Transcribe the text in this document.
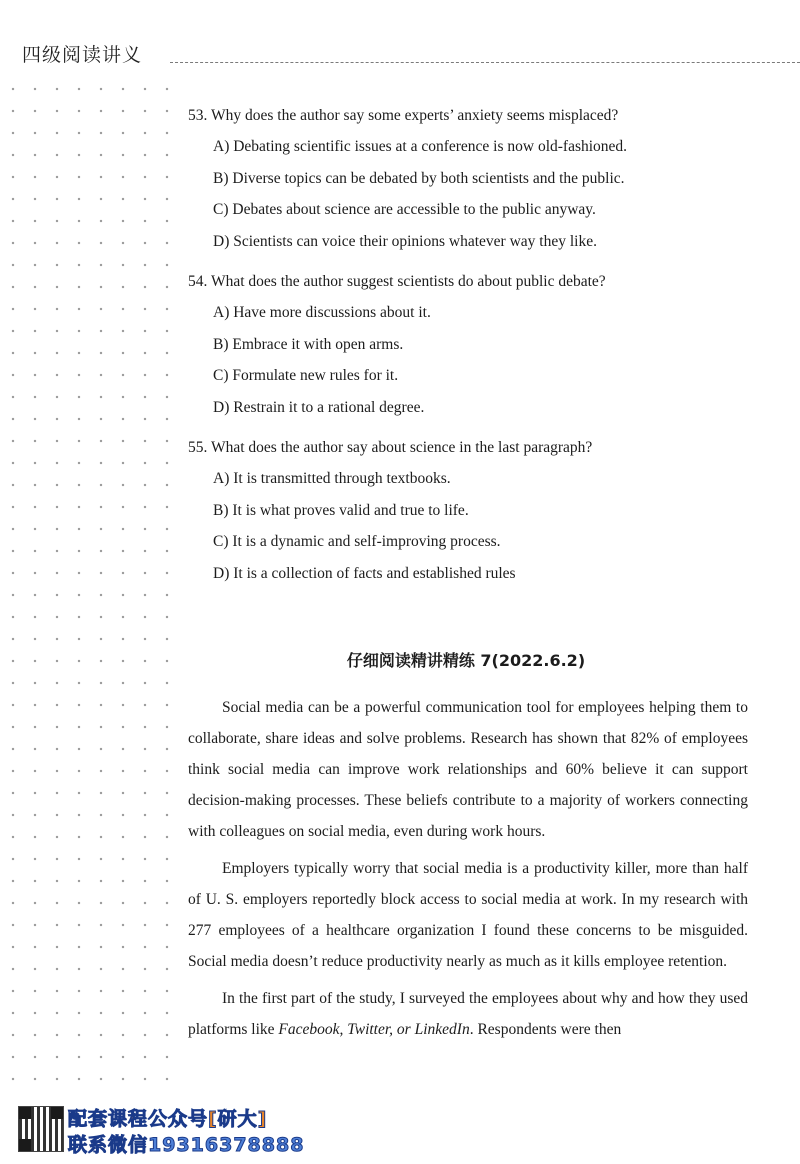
四级阅读讲义
53. Why does the author say some experts’ anxiety seems misplaced?
A) Debating scientific issues at a conference is now old-fashioned.
B) Diverse topics can be debated by both scientists and the public.
C) Debates about science are accessible to the public anyway.
D) Scientists can voice their opinions whatever way they like.
54. What does the author suggest scientists do about public debate?
A) Have more discussions about it.
B) Embrace it with open arms.
C) Formulate new rules for it.
D) Restrain it to a rational degree.
55. What does the author say about science in the last paragraph?
A) It is transmitted through textbooks.
B) It is what proves valid and true to life.
C) It is a dynamic and self-improving process.
D) It is a collection of facts and established rules
仔细阅读精讲精练 7(2022.6.2)

Social media can be a powerful communication tool for employees helping them to collaborate, share ideas and solve problems. Research has shown that 82% of employees think social media can improve work relationships and 60% believe it can support decision-making processes. These beliefs contribute to a majority of workers connecting with colleagues on social media, even during work hours.

Employers typically worry that social media is a productivity killer, more than half of U. S. employers reportedly block access to social media at work. In my research with 277 employees of a healthcare organization I found these concerns to be misguided. Social media doesn’t reduce productivity nearly as much as it kills employee retention.

In the first part of the study, I surveyed the employees about why and how they used platforms like Facebook, Twitter, or LinkedIn. Respondents were then

配套课程公众号[研大]
联系微信19316378888
